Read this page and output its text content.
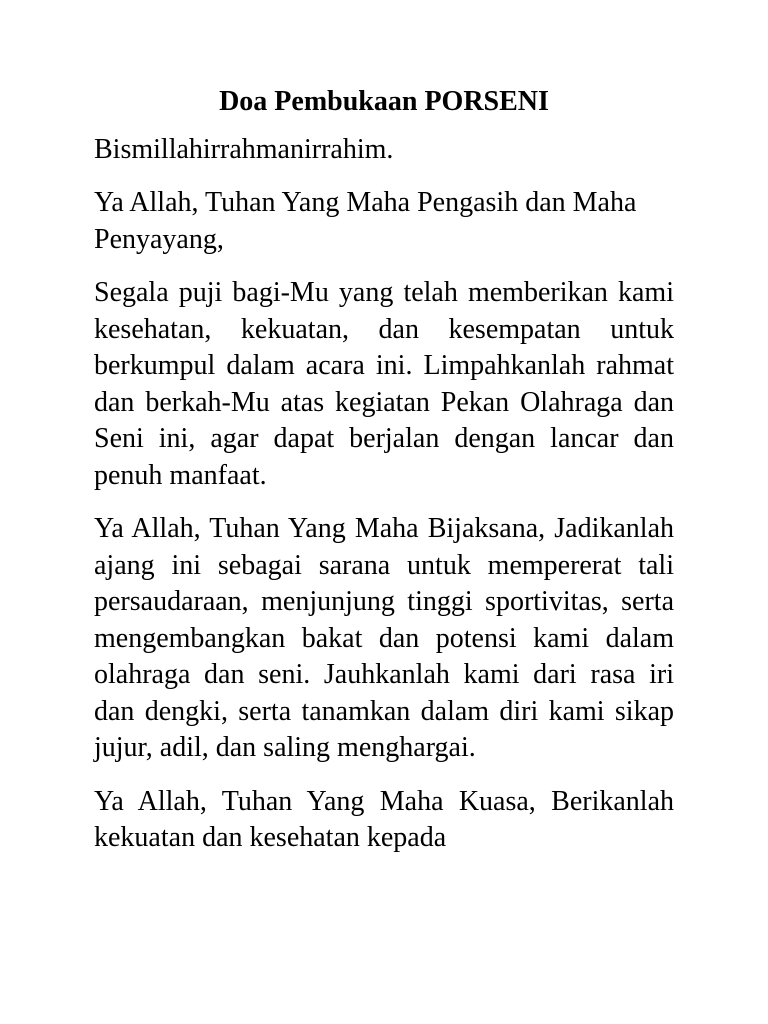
Doa Pembukaan PORSENI
Bismillahirrahmanirrahim.
Ya Allah, Tuhan Yang Maha Pengasih dan Maha Penyayang,
Segala puji bagi-Mu yang telah memberikan kami kesehatan, kekuatan, dan kesempatan untuk berkumpul dalam acara ini. Limpahkanlah rahmat dan berkah-Mu atas kegiatan Pekan Olahraga dan Seni ini, agar dapat berjalan dengan lancar dan penuh manfaat.
Ya Allah, Tuhan Yang Maha Bijaksana, Jadikanlah ajang ini sebagai sarana untuk mempererat tali persaudaraan, menjunjung tinggi sportivitas, serta mengembangkan bakat dan potensi kami dalam olahraga dan seni. Jauhkanlah kami dari rasa iri dan dengki, serta tanamkan dalam diri kami sikap jujur, adil, dan saling menghargai.
Ya Allah, Tuhan Yang Maha Kuasa, Berikanlah kekuatan dan kesehatan kepada
